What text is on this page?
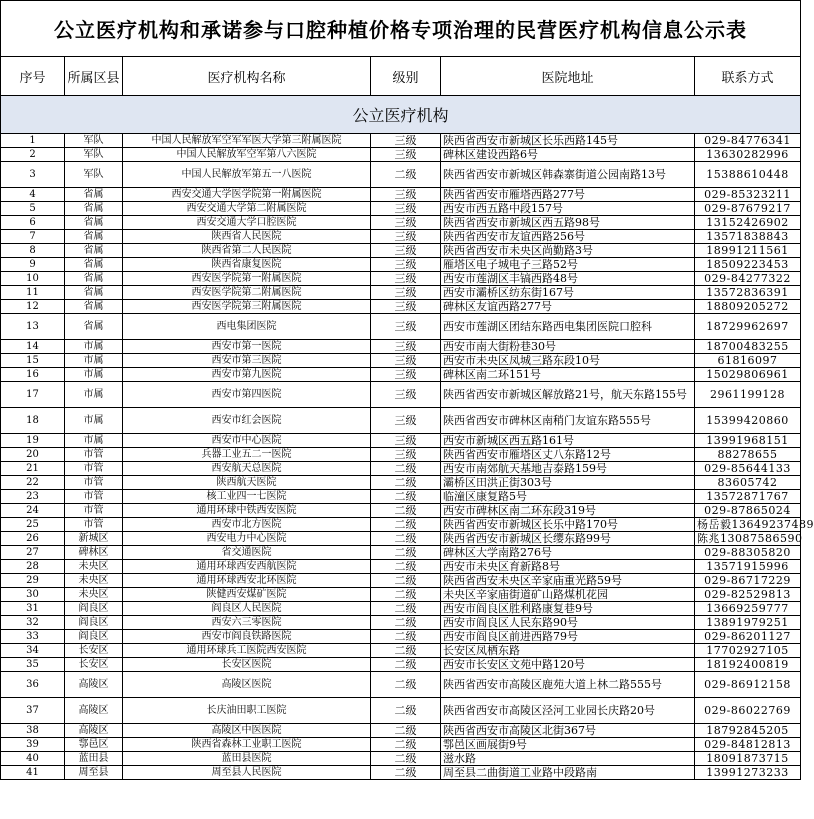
公立医疗机构和承诺参与口腔种植价格专项治理的民营医疗机构信息公示表					
序号	所属区县	医疗机构名称	级别	医院地址	联系方式
公立医疗机构					
1	军队	中国人民解放军空军军医大学第三附属医院	三级	陕西省西安市新城区长乐西路145号	029-84776341
2	军队	中国人民解放军空军第八六医院	三级	碑林区建设西路6号	13630282996
3	军队	中国人民解放军第五一八医院	二级	陕西省西安市新城区韩森寨街道公园南路13号	15388610448
4	省属	西安交通大学医学院第一附属医院	三级	陕西省西安市雁塔西路277号	029-85323211
5	省属	西安交通大学第二附属医院	三级	西安市西五路中段157号	029-87679217
6	省属	西安交通大学口腔医院	三级	陕西省西安市新城区西五路98号	13152426902
7	省属	陕西省人民医院	三级	陕西省西安市友谊西路256号	13571838843
8	省属	陕西省第二人民医院	三级	陕西省西安市未央区尚勤路3号	18991211561
9	省属	陕西省康复医院	三级	雁塔区电子城电子三路52号	18509223453
10	省属	西安医学院第一附属医院	三级	西安市莲湖区丰镐西路48号	029-84277322
11	省属	西安医学院第二附属医院	三级	西安市灞桥区纺东街167号	13572836391
12	省属	西安医学院第三附属医院	三级	碑林区友谊西路277号	18809205272
13	省属	西电集团医院	三级	西安市莲湖区团结东路西电集团医院口腔科	18729962697
14	市属	西安市第一医院	三级	西安市南大街粉巷30号	18700483255
15	市属	西安市第三医院	三级	西安市未央区凤城三路东段10号	61816097
16	市属	西安市第九医院	三级	碑林区南二环151号	15029806961
17	市属	西安市第四医院	三级	陕西省西安市新城区解放路21号，航天东路155号	2961199128
18	市属	西安市红会医院	三级	陕西省西安市碑林区南稍门友谊东路555号	15399420860
19	市属	西安市中心医院	三级	西安市新城区西五路161号	13991968151
20	市管	兵器工业五二一医院	三级	陕西省西安市雁塔区丈八东路12号	88278655
21	市管	西安航天总医院	二级	西安市南郊航天基地吉泰路159号	029-85644133
22	市管	陕西航天医院	二级	灞桥区田洪正街303号	83605742
23	市管	核工业四一七医院	二级	临潼区康复路5号	13572871767
24	市管	通用环球中铁西安医院	二级	西安市碑林区南二环东段319号	029-87865024
25	市管	西安市北方医院	二级	陕西省西安市新城区长乐中路170号	杨岳毅13649237489
26	新城区	西安电力中心医院	二级	陕西省西安市新城区长缨东路99号	陈兆13087586590
27	碑林区	省交通医院	二级	碑林区大学南路276号	029-88305820
28	未央区	通用环球西安西航医院	二级	西安市未央区育新路8号	13571915996
29	未央区	通用环球西安北环医院	二级	陕西省西安未央区辛家庙重光路59号	029-86717229
30	未央区	陕健西安煤矿医院	二级	未央区辛家庙街道矿山路煤机花园	029-82529813
31	阎良区	阎良区人民医院	二级	西安市阎良区胜利路康复巷9号	13669259777
32	阎良区	西安六三零医院	二级	西安市阎良区人民东路90号	13891979251
33	阎良区	西安市阎良铁路医院	二级	西安市阎良区前进西路79号	029-86201127
34	长安区	通用环球兵工医院西安医院	二级	长安区凤栖东路	17702927105
35	长安区	长安区医院	二级	西安市长安区文苑中路120号	18192400819
36	高陵区	高陵区医院	二级	陕西省西安市高陵区鹿苑大道上林二路555号	029-86912158
37	高陵区	长庆油田职工医院	二级	陕西省西安市高陵区泾河工业园长庆路20号	029-86022769
38	高陵区	高陵区中医医院	二级	陕西省西安市高陵区北街367号	18792845205
39	鄠邑区	陕西省森林工业职工医院	二级	鄠邑区画展街9号	029-84812813
40	蓝田县	蓝田县医院	二级	滋水路	18091873715
41	周至县	周至县人民医院	二级	周至县二曲街道工业路中段路南	13991273233
